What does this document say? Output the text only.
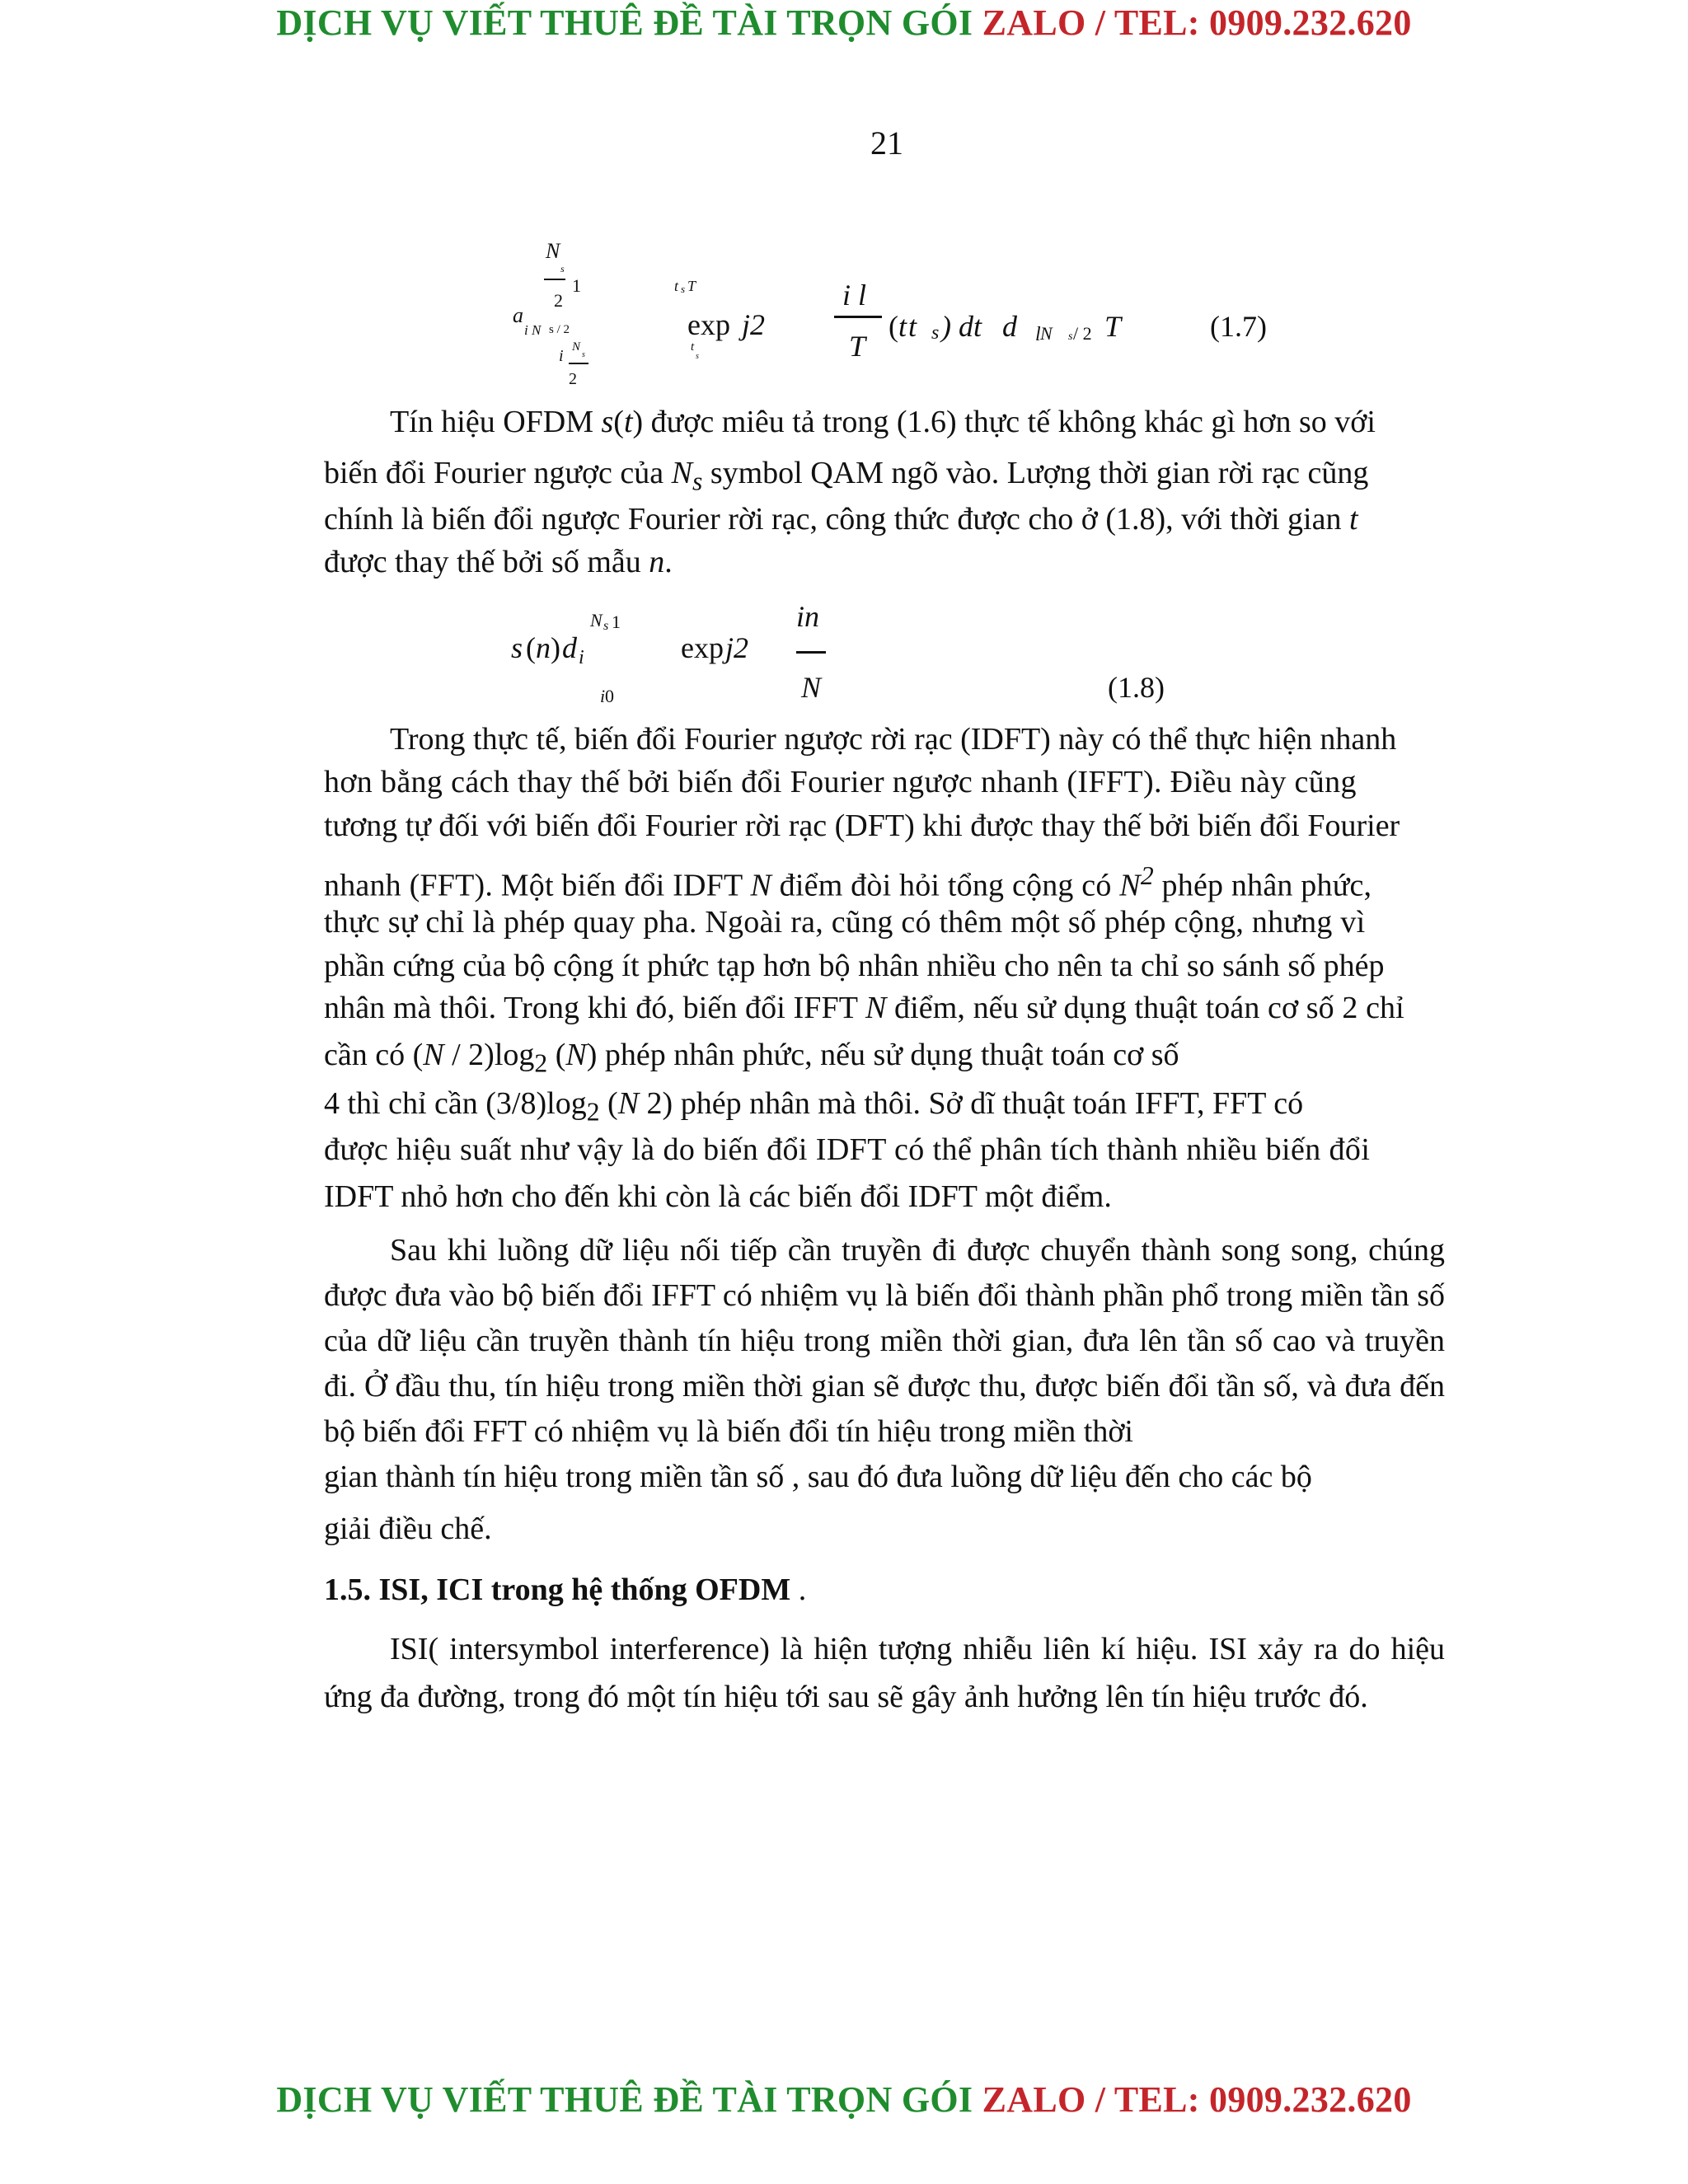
DỊCH VỤ VIẾT THUÊ ĐỀ TÀI TRỌN GÓI ZALO / TEL: 0909.232.620
21
N
s
1
2
a
i N s / 2
i N
s
2
t s T
exp j2
t
s
i l
T
( t t s ) dt d l N s / 2 T	(1.7)
Tín hiệu OFDM s(t) được miêu tả trong (1.6) thực tế không khác gì hơn so với
biến đổi Fourier ngược của $N_s$ symbol QAM ngõ vào. Lượng thời gian rời rạc cũng
chính là biến đổi ngược Fourier rời rạc, công thức được cho ở (1.8), với thời gian t
được thay thế bởi số mẫu n.
N s 1
s ( n ) d i
i 0
exp j2
in
N	(1.8)
Trong thực tế, biến đổi Fourier ngược rời rạc (IDFT) này có thể thực hiện nhanh
hơn bằng cách thay thế bởi biến đổi Fourier ngược nhanh (IFFT). Điều này cũng
tương tự đối với biến đổi Fourier rời rạc (DFT) khi được thay thế bởi biến đổi Fourier
nhanh (FFT). Một biến đổi IDFT N điểm đòi hỏi tổng cộng có $N^2$ phép nhân phức,
thực sự chỉ là phép quay pha. Ngoài ra, cũng có thêm một số phép cộng, nhưng vì
phần cứng của bộ cộng ít phức tạp hơn bộ nhân nhiều cho nên ta chỉ so sánh số phép
nhân mà thôi. Trong khi đó, biến đổi IFFT N điểm, nếu sử dụng thuật toán cơ số 2 chỉ
cần có $(N / 2)\log_2$ (N) phép nhân phức, nếu sử dụng thuật toán cơ số
4 thì chỉ cần $(3/8)\log_2$ (N 2) phép nhân mà thôi. Sở dĩ thuật toán IFFT, FFT có
được hiệu suất như vậy là do biến đổi IDFT có thể phân tích thành nhiều biến đổi
IDFT nhỏ hơn cho đến khi còn là các biến đổi IDFT một điểm.

Sau khi luồng dữ liệu nối tiếp cần truyền đi được chuyển thành song song, chúng được đưa vào bộ biến đổi IFFT có nhiệm vụ là biến đổi thành phần phổ trong miền tần số của dữ liệu cần truyền thành tín hiệu trong miền thời gian, đưa lên tần số cao và truyền đi. Ở đầu thu, tín hiệu trong miền thời gian sẽ được thu, được biến đổi tần số, và đưa đến bộ biến đổi FFT có nhiệm vụ là biến đổi tín hiệu trong miền thời

gian thành tín hiệu trong miền tần số , sau đó đưa luồng dữ liệu đến cho các bộ
giải điều chế.
1.5. ISI, ICI trong hệ thống OFDM .

ISI( intersymbol interference) là hiện tượng nhiễu liên kí hiệu. ISI xảy ra do hiệu ứng đa đường, trong đó một tín hiệu tới sau sẽ gây ảnh hưởng lên tín hiệu trước đó.

DỊCH VỤ VIẾT THUÊ ĐỀ TÀI TRỌN GÓI ZALO / TEL: 0909.232.620
